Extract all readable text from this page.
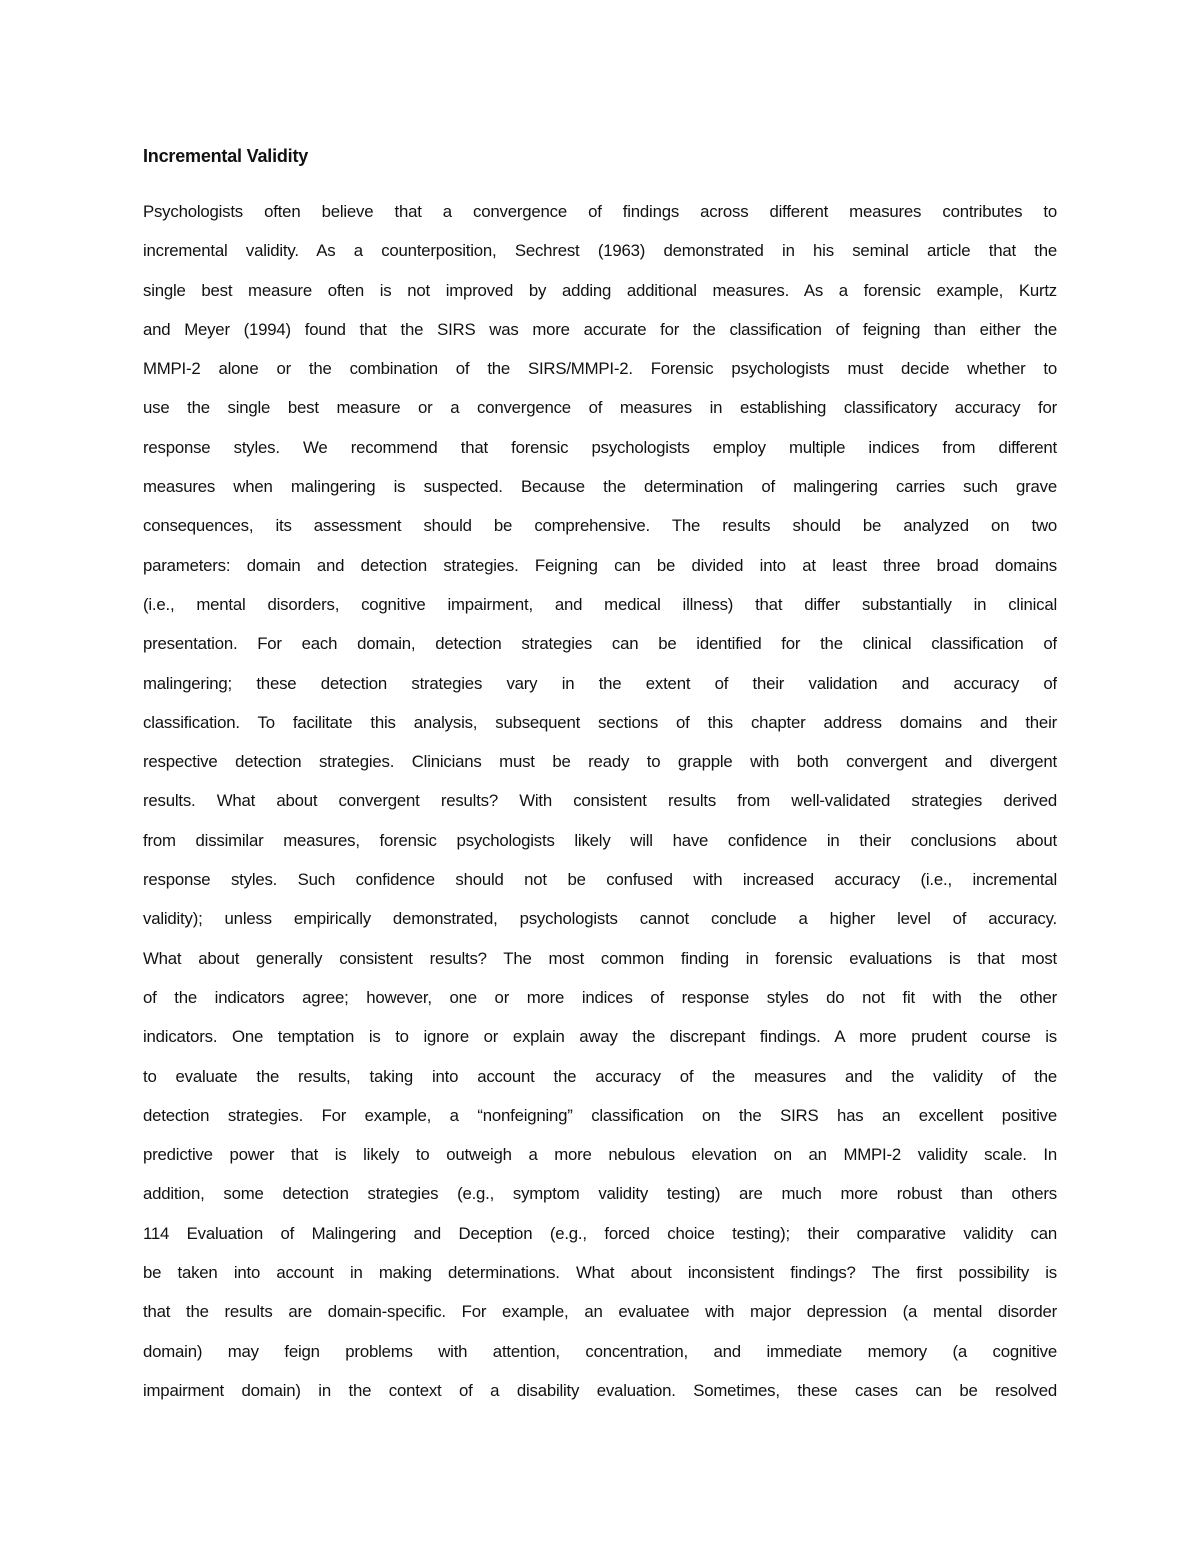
Incremental Validity
Psychologists often believe that a convergence of findings across different measures contributes to
incremental validity. As a counterposition, Sechrest (1963) demonstrated in his seminal article that the
single best measure often is not improved by adding additional measures. As a forensic example, Kurtz
and Meyer (1994) found that the SIRS was more accurate for the classification of feigning than either the
MMPI-2 alone or the combination of the SIRS/MMPI-2. Forensic psychologists must decide whether to
use the single best measure or a convergence of measures in establishing classificatory accuracy for
response styles. We recommend that forensic psychologists employ multiple indices from different
measures when malingering is suspected. Because the determination of malingering carries such grave
consequences, its assessment should be comprehensive. The results should be analyzed on two
parameters: domain and detection strategies. Feigning can be divided into at least three broad domains
(i.e., mental disorders, cognitive impairment, and medical illness) that differ substantially in clinical
presentation. For each domain, detection strategies can be identified for the clinical classification of
malingering; these detection strategies vary in the extent of their validation and accuracy of
classification. To facilitate this analysis, subsequent sections of this chapter address domains and their
respective detection strategies. Clinicians must be ready to grapple with both convergent and divergent
results. What about convergent results? With consistent results from well-validated strategies derived
from dissimilar measures, forensic psychologists likely will have confidence in their conclusions about
response styles. Such confidence should not be confused with increased accuracy (i.e., incremental
validity); unless empirically demonstrated, psychologists cannot conclude a higher level of accuracy.
What about generally consistent results? The most common finding in forensic evaluations is that most
of the indicators agree; however, one or more indices of response styles do not fit with the other
indicators. One temptation is to ignore or explain away the discrepant findings. A more prudent course is
to evaluate the results, taking into account the accuracy of the measures and the validity of the
detection strategies. For example, a “nonfeigning” classification on the SIRS has an excellent positive
predictive power that is likely to outweigh a more nebulous elevation on an MMPI-2 validity scale. In
addition, some detection strategies (e.g., symptom validity testing) are much more robust than others
114 Evaluation of Malingering and Deception (e.g., forced choice testing); their comparative validity can
be taken into account in making determinations. What about inconsistent findings? The first possibility is
that the results are domain-specific. For example, an evaluatee with major depression (a mental disorder
domain) may feign problems with attention, concentration, and immediate memory (a cognitive
impairment domain) in the context of a disability evaluation. Sometimes, these cases can be resolved
